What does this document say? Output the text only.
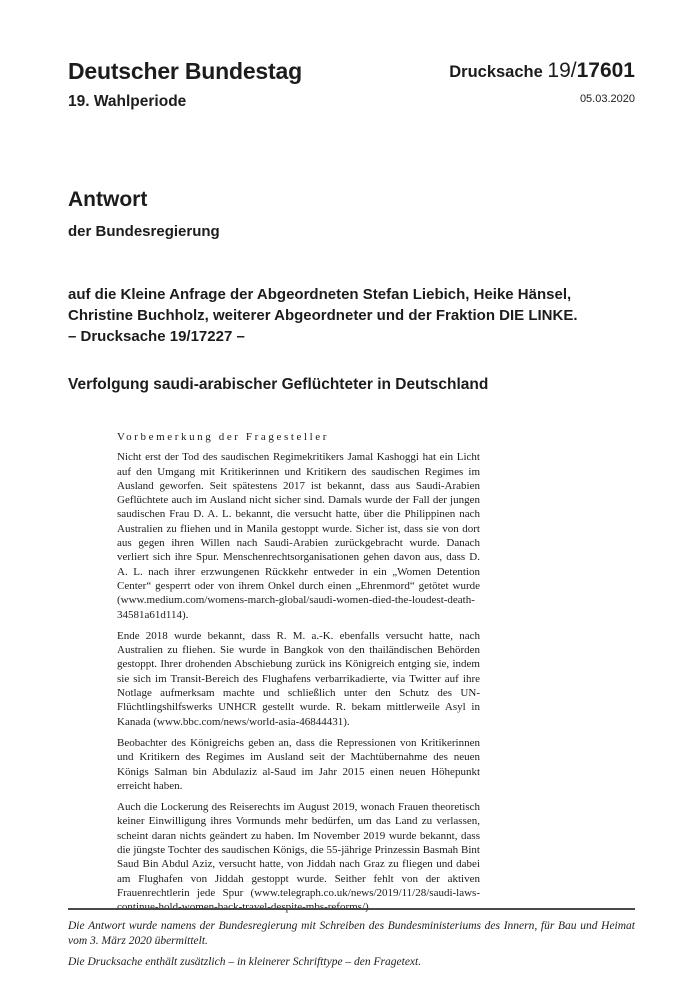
Deutscher Bundestag
19. Wahlperiode
Drucksache 19/17601
05.03.2020
Antwort
der Bundesregierung
auf die Kleine Anfrage der Abgeordneten Stefan Liebich, Heike Hänsel, Christine Buchholz, weiterer Abgeordneter und der Fraktion DIE LINKE.
– Drucksache 19/17227 –
Verfolgung saudi-arabischer Geflüchteter in Deutschland
Vorbemerkung der Fragesteller

Nicht erst der Tod des saudischen Regimekritikers Jamal Kashoggi hat ein Licht auf den Umgang mit Kritikerinnen und Kritikern des saudischen Regimes im Ausland geworfen. Seit spätestens 2017 ist bekannt, dass aus Saudi-Arabien Geflüchtete auch im Ausland nicht sicher sind. Damals wurde der Fall der jungen saudischen Frau D. A. L. bekannt, die versucht hatte, über die Philippinen nach Australien zu fliehen und in Manila gestoppt wurde. Sicher ist, dass sie von dort aus gegen ihren Willen nach Saudi-Arabien zurückgebracht wurde. Danach verliert sich ihre Spur. Menschenrechtsorganisationen gehen davon aus, dass D. A. L. nach ihrer erzwungenen Rückkehr entweder in ein „Women Detention Center“ gesperrt oder von ihrem Onkel durch einen „Ehrenmord“ getötet wurde (www.medium.com/womens-march-global/saudi-women-died-the-loudest-death-34581a61d114).

Ende 2018 wurde bekannt, dass R. M. a.-K. ebenfalls versucht hatte, nach Australien zu fliehen. Sie wurde in Bangkok von den thailändischen Behörden gestoppt. Ihrer drohenden Abschiebung zurück ins Königreich entging sie, indem sie sich im Transit-Bereich des Flughafens verbarrikadierte, via Twitter auf ihre Notlage aufmerksam machte und schließlich unter den Schutz des UN-Flüchtlingshilfswerks UNHCR gestellt wurde. R. bekam mittlerweile Asyl in Kanada (www.bbc.com/news/world-asia-46844431).

Beobachter des Königreichs geben an, dass die Repressionen von Kritikerinnen und Kritikern des Regimes im Ausland seit der Machtübernahme des neuen Königs Salman bin Abdulaziz al-Saud im Jahr 2015 einen neuen Höhepunkt erreicht haben.

Auch die Lockerung des Reiserechts im August 2019, wonach Frauen theoretisch keiner Einwilligung ihres Vormunds mehr bedürfen, um das Land zu verlassen, scheint daran nichts geändert zu haben. Im November 2019 wurde bekannt, dass die jüngste Tochter des saudischen Königs, die 55-jährige Prinzessin Basmah Bint Saud Bin Abdul Aziz, versucht hatte, von Jiddah nach Graz zu fliegen und dabei am Flughafen von Jiddah gestoppt wurde. Seither fehlt von der aktiven Frauenrechtlerin jede Spur (www.telegraph.co.uk/news/2019/11/28/saudi-laws-continue-hold-women-back-travel-despite-mbs-reforms/).

Die Antwort wurde namens der Bundesregierung mit Schreiben des Bundesministeriums des Innern, für Bau und Heimat vom 3. März 2020 übermittelt.
Die Drucksache enthält zusätzlich – in kleinerer Schrifttype – den Fragetext.
